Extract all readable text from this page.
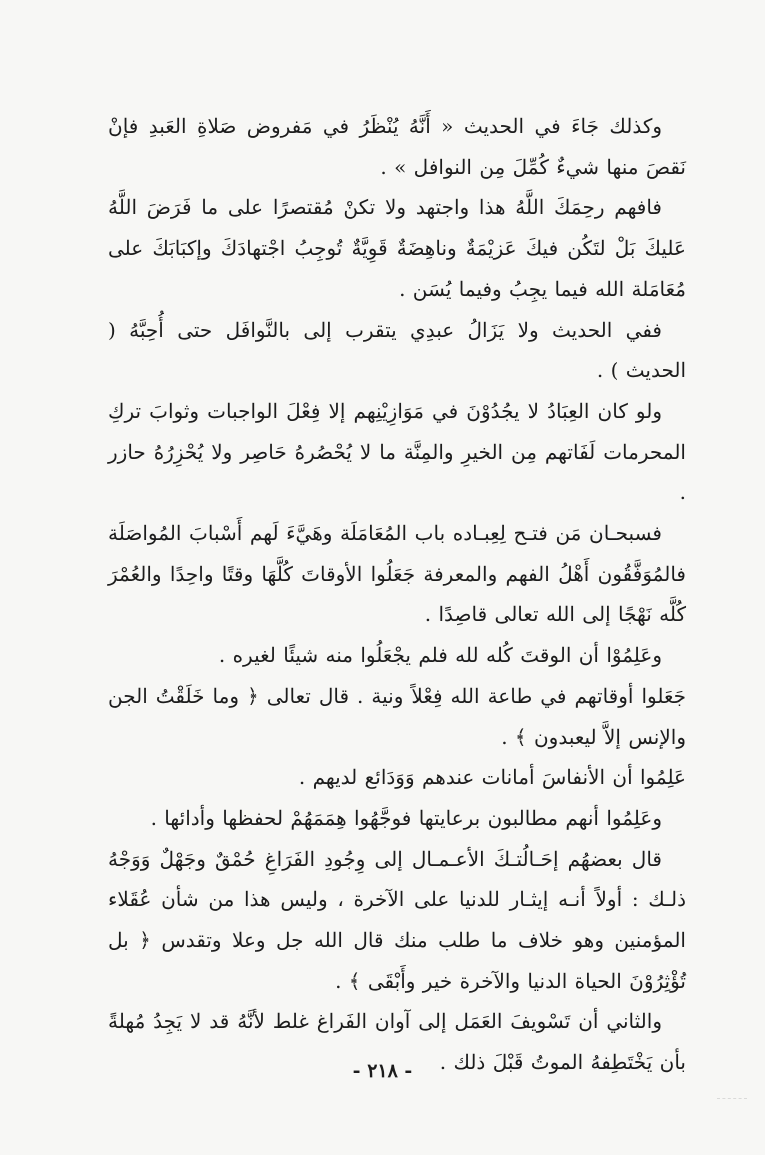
وكذلك جَاءَ في الحديث « أَنَّهُ يُنْظَرُ في مَفروض صَلاةِ العَبدِ فإنْ نَقصَ منها شيءٌ كُمِّلَ مِن النوافل » .

فافهم رحِمَكَ اللَّهُ هذا واجتهد ولا تكنْ مُقتصرًا على ما فَرَضَ اللَّهُ عَليكَ بَلْ لتَكُن فيكَ عَزيْمَةٌ وناهِضَةٌ قَوِيَّةٌ تُوجِبُ اجْتهادَكَ وإكبَابَكَ على مُعَامَلة الله فيما يجِبُ وفيما يُسَن .

ففي الحديث ولا يَزَالُ عبدِي يتقرب إلى بالنَّوافَل حتى أُحِبَّهُ ( الحديث ) .

ولو كان العِبَادُ لا يجُدُوْنَ في مَوَازِيْنِهم إلا فِعْلَ الواجبات وثوابَ تركِ المحرمات لَفَاتهم مِن الخيرِ والمِنَّة ما لا يُحْصُرهُ حَاصِر ولا يُحْزِرُهُ حازر .

فسبحـان مَن فتـح لِعِبـاده باب المُعَامَلَة وهَيَّءَ لَهم أَسْبابَ المُواصَلَة فالمُوَفَّقُون أَهْلُ الفهم والمعرفة جَعَلُوا الأوقاتَ كُلَّهَا وقتًا واحِدًا والعُمْرَ كُلَّه نَهْجًا إلى الله تعالى قاصِدًا .

وعَلِمُوْا أن الوقتَ كُله لله فلم يجْعَلُوا منه شيئًا لغيره .

جَعَلوا أوقاتهم في طاعة الله فِعْلاً ونية . قال تعالى ﴿ وما خَلَقْتُ الجن والإنس إلاَّ ليعبدون ﴾ .

عَلِمُوا أن الأنفاسَ أمانات عندهم وَوَدَائع لديهم .

وعَلِمُوا أنهم مطالبون برعايتها فوجَّهُوا هِمَمَهُمْ لحفظها وأدائها .

قال بعضهُم إحَـالُتـكَ الأعـمـال إلى وِجُودِ الفَرَاغِ حُمْقٌ وجَهْلٌ وَوَجْهُ ذلـك : أولاً أنـه إيثـار للدنيا على الآخرة ، وليس هذا من شأن عُقَلاء المؤمنين وهو خلاف ما طلب منك قال الله جل وعلا وتقدس ﴿ بل تُؤْثِرُوْنَ الحياة الدنيا والآخرة خير وأَبْقَى ﴾ .

والثاني أن تَسْويفَ العَمَل إلى آوان الفَراغ غلط لأنَّهُ قد لا يَجِدُ مُهلةً بأن يَخْتَطِفهُ الموتُ قَبْلَ ذلك .

- ٢١٨ -
